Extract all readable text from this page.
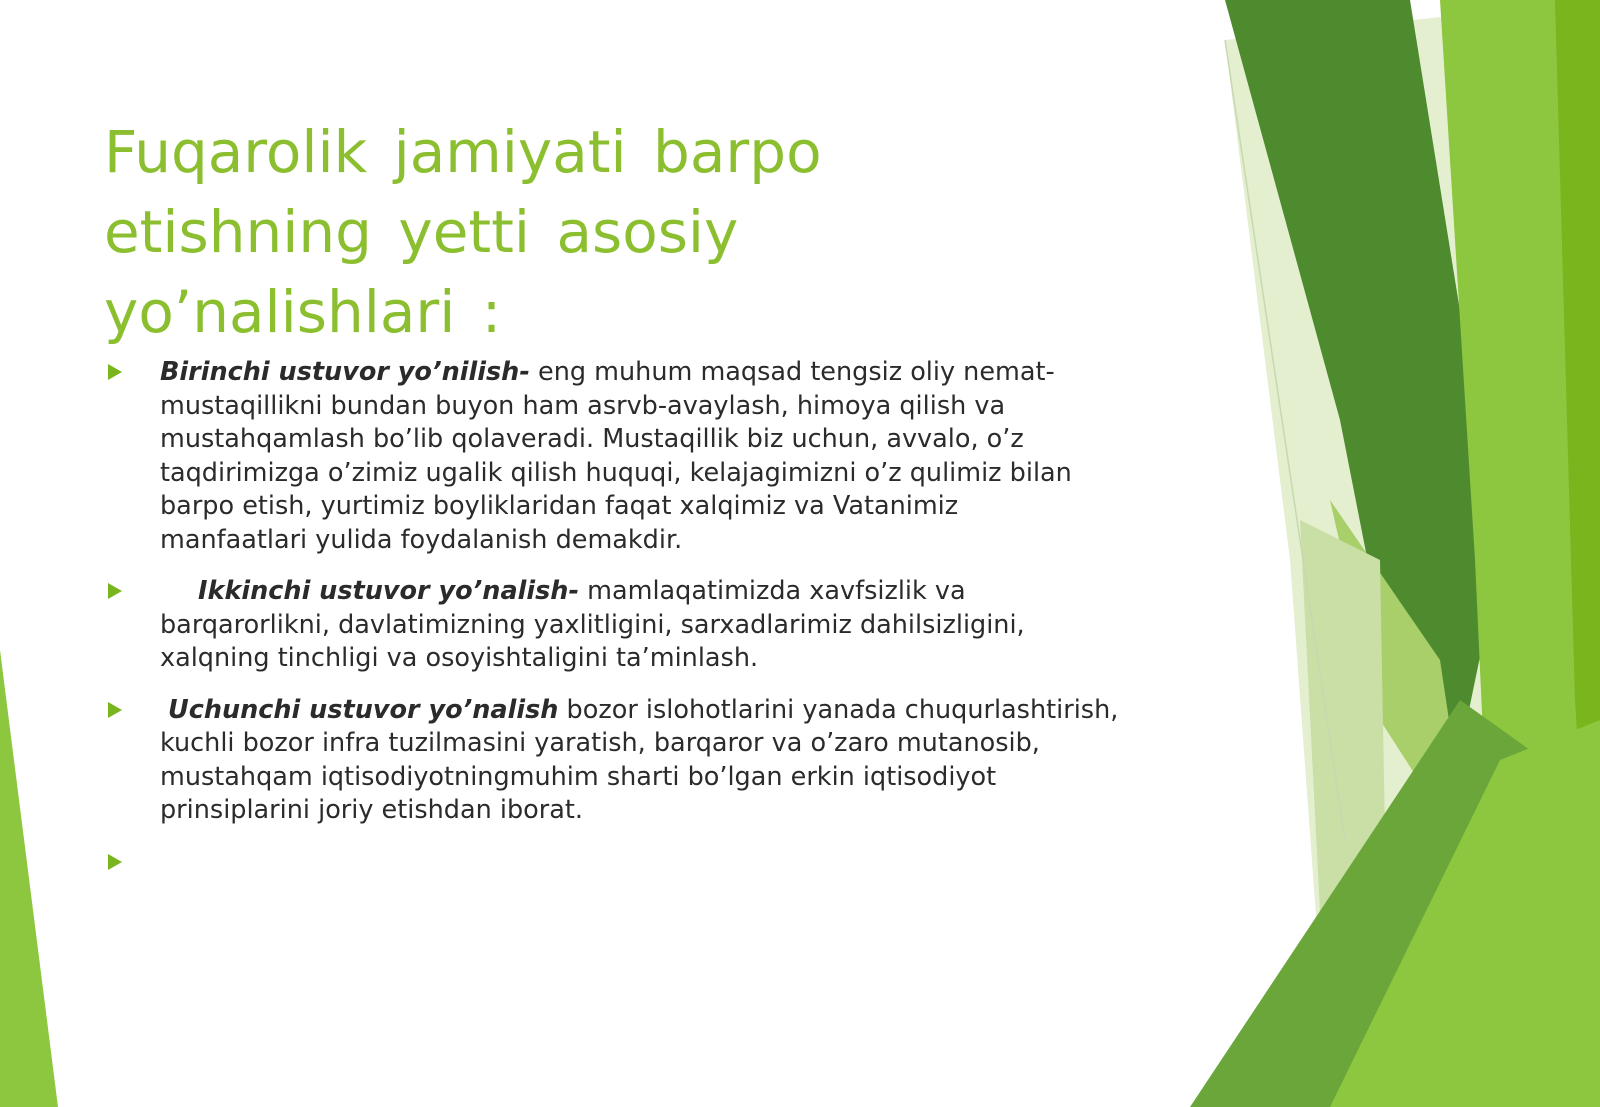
Fuqarolik jamiyati barpo
etishning yetti asosiy
yo’nalishlari :
Birinchi ustuvor yo’nilish- eng muhum maqsad tengsiz oliy nemat-
mustaqillikni bundan buyon ham asrvb-avaylash, himoya qilish va
mustahqamlash bo’lib qolaveradi. Mustaqillik biz uchun, avvalo, o’z
taqdirimizga o’zimiz ugalik qilish huquqi, kelajagimizni o’z qulimiz bilan
barpo etish, yurtimiz boyliklaridan faqat xalqimiz va Vatanimiz
manfaatlari yulida foydalanish demakdir.
Ikkinchi ustuvor yo’nalish- mamlaqatimizda xavfsizlik va
barqarorlikni, davlatimizning yaxlitligini, sarxadlarimiz dahilsizligini,
xalqning tinchligi va osoyishtaligini ta’minlash.
Uchunchi ustuvor yo’nalish bozor islohotlarini yanada chuqurlashtirish,
kuchli bozor infra tuzilmasini yaratish, barqaror va o’zaro mutanosib,
mustahqam iqtisodiyotningmuhim sharti bo’lgan erkin iqtisodiyot
prinsiplarini joriy etishdan iborat.
